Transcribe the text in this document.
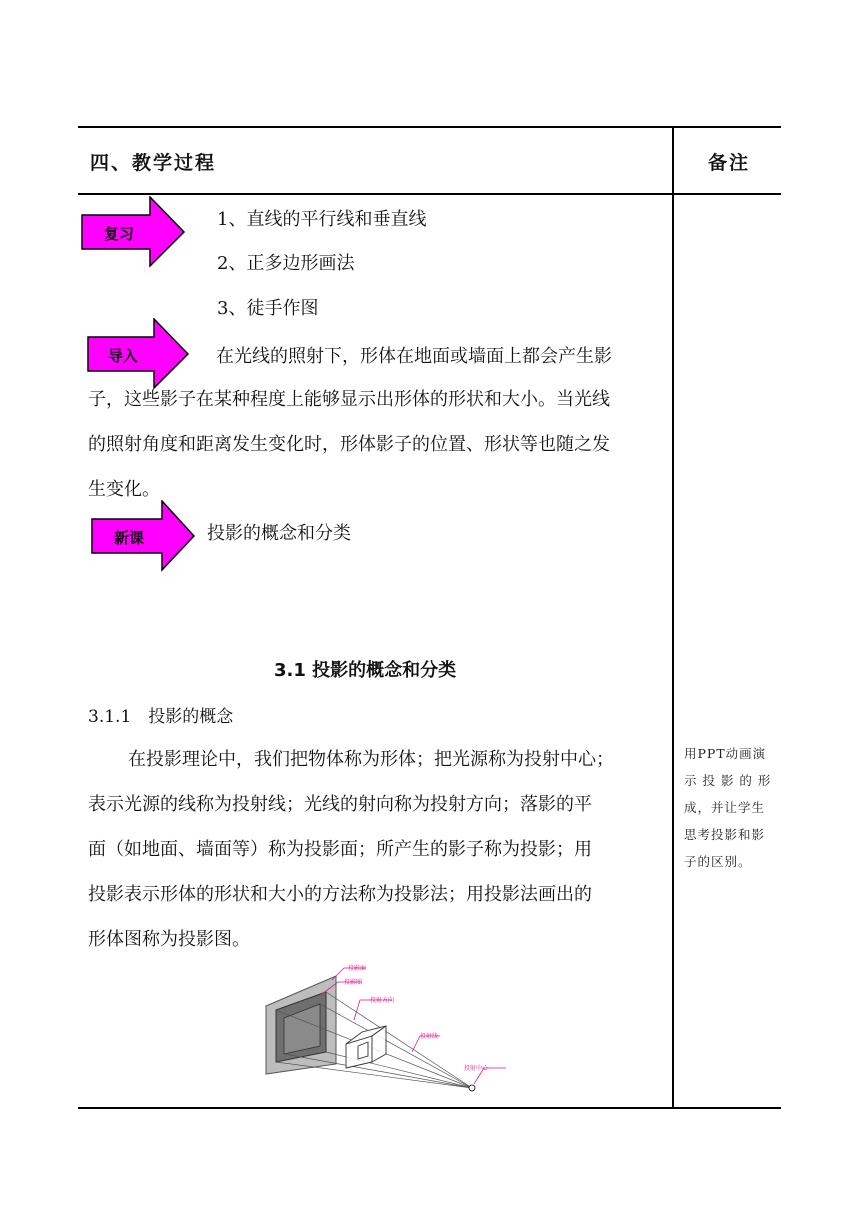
四、教学过程	备注
复习
1、直线的平行线和垂直线
2、正多边形画法
3、徒手作图
导入	在光线的照射下，形体在地面或墙面上都会产生影
子，这些影子在某种程度上能够显示出形体的形状和大小。当光线
的照射角度和距离发生变化时，形体影子的位置、形状等也随之发
生变化。
新课	投影的概念和分类
3.1 投影的概念和分类
3.1.1　投影的概念
在投影理论中，我们把物体称为形体；把光源称为投射中心；
表示光源的线称为投射线；光线的射向称为投射方向；落影的平
面（如地面、墙面等）称为投影面；所产生的影子称为投影；用
投影表示形体的形状和大小的方法称为投影法；用投影法画出的
形体图称为投影图。
用PPT动画演
示 投 影 的 形
成，并让学生
思考投影和影
子的区别。
投影面
投影图
投射方向
投射线
投射中心
